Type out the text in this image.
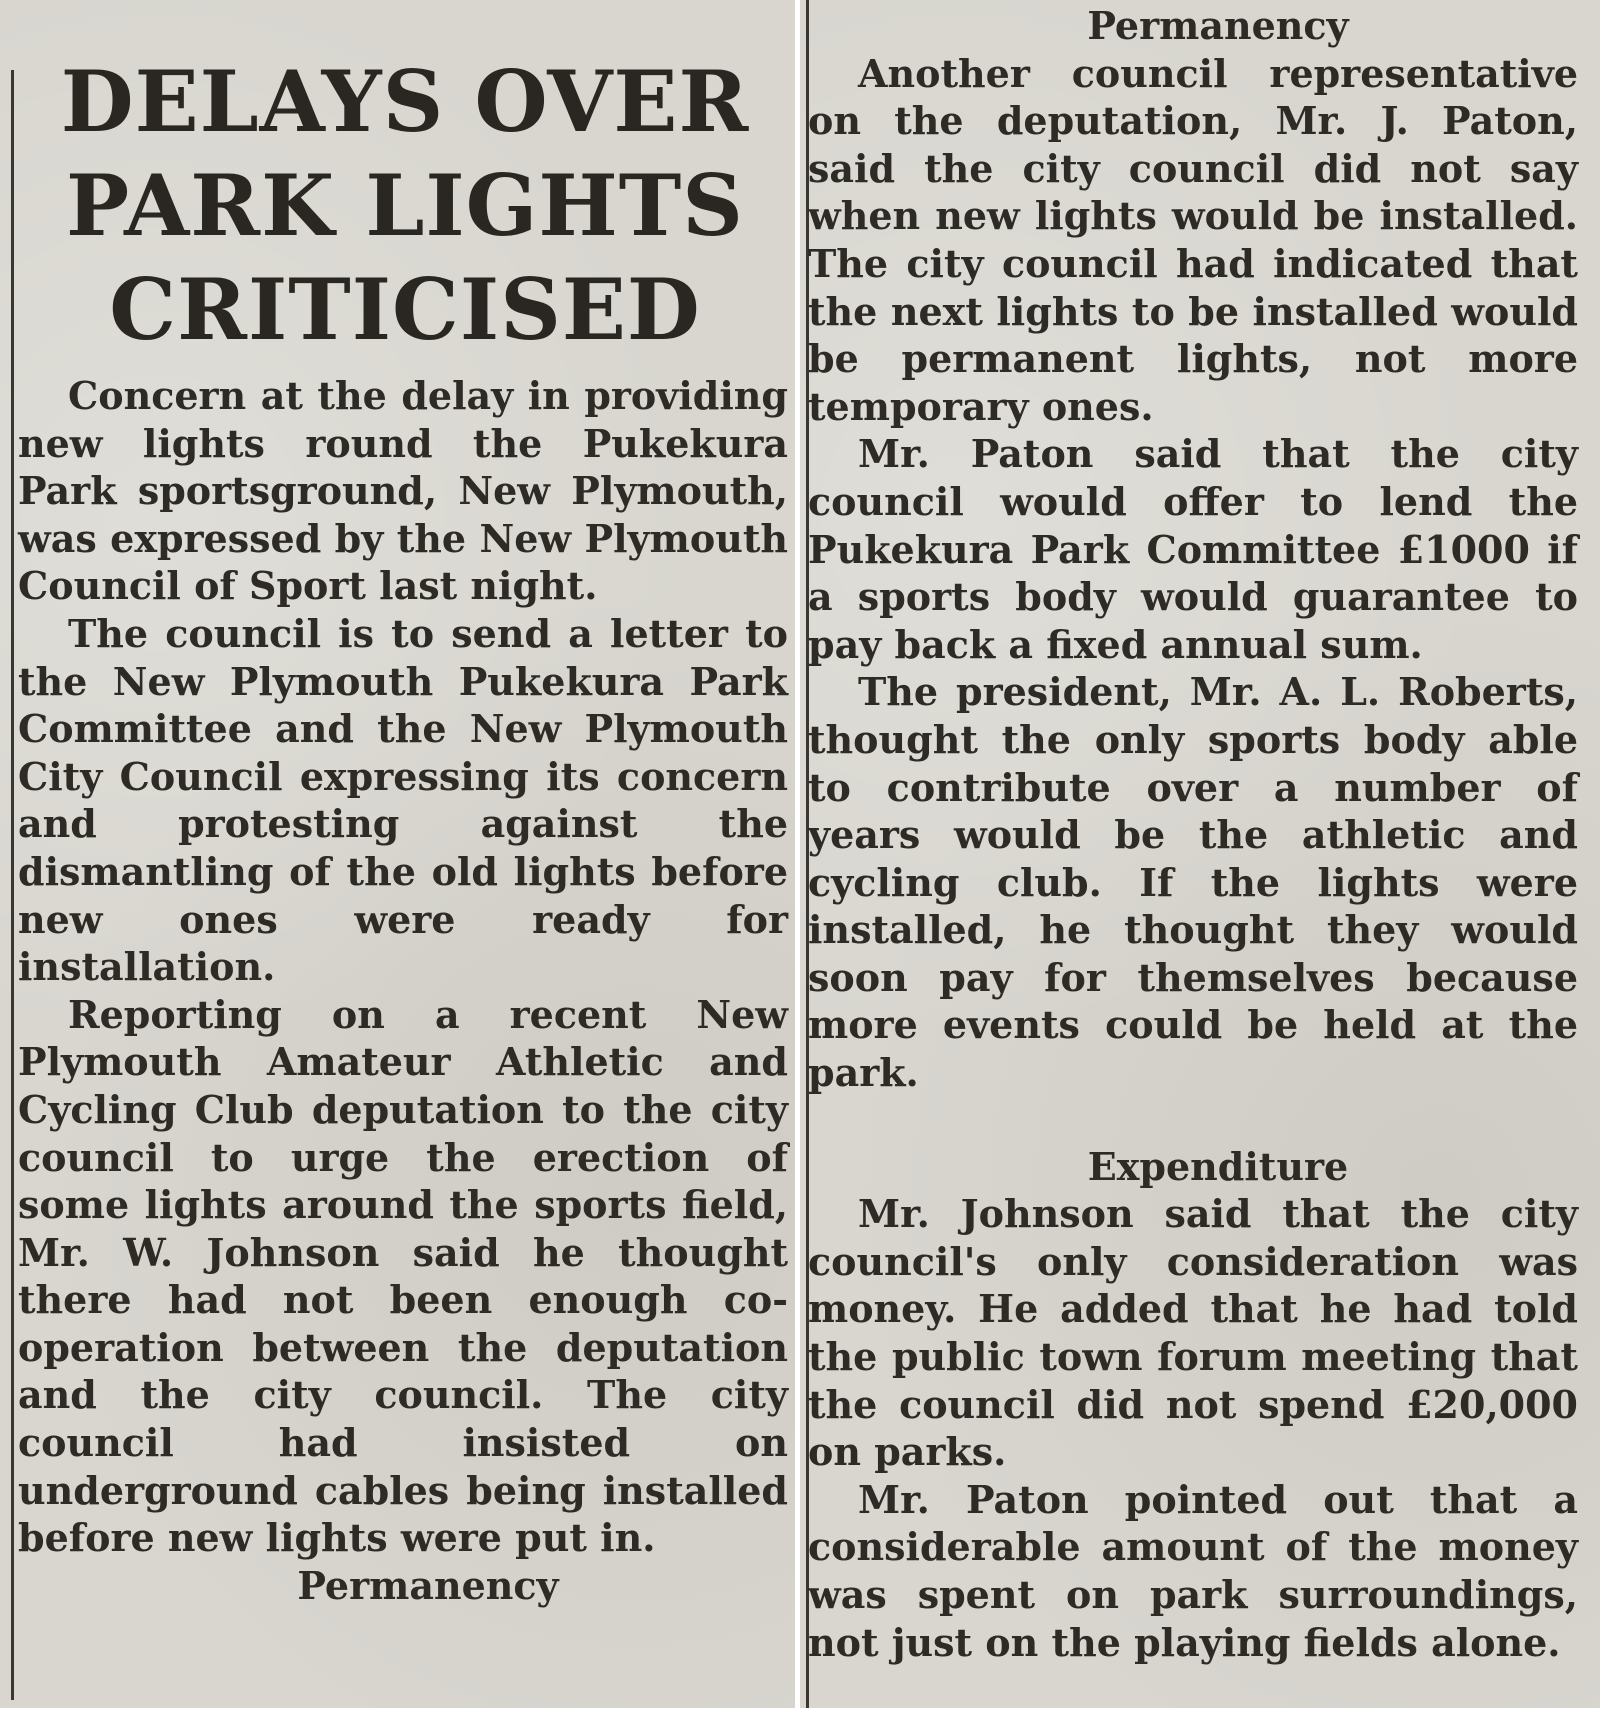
DELAYS OVER PARK LIGHTS CRITICISED

Concern at the delay in providing new lights round the Pukekura Park sportsground, New Plymouth, was expressed by the New Plymouth Council of Sport last night.

The council is to send a letter to the New Plymouth Pukekura Park Committee and the New Plymouth City Council expressing its concern and protesting against the dismantling of the old lights before new ones were ready for installation.

Reporting on a recent New Plymouth Amateur Athletic and Cycling Club deputation to the city council to urge the erection of some lights around the sports field, Mr. W. Johnson said he thought there had not been enough co-operation between the deputation and the city council. The city council had insisted on underground cables being installed before new lights were put in.

Permanency

Permanency

Another council representative on the deputation, Mr. J. Paton, said the city council did not say when new lights would be installed. The city council had indicated that the next lights to be installed would be permanent lights, not more temporary ones.

Mr. Paton said that the city council would offer to lend the Pukekura Park Committee £1000 if a sports body would guarantee to pay back a fixed annual sum.

The president, Mr. A. L. Roberts, thought the only sports body able to contribute over a number of years would be the athletic and cycling club. If the lights were installed, he thought they would soon pay for themselves because more events could be held at the park.

Expenditure

Mr. Johnson said that the city council's only consideration was money. He added that he had told the public town forum meeting that the council did not spend £20,000 on parks.

Mr. Paton pointed out that a considerable amount of the money was spent on park surroundings, not just on the playing fields alone.
